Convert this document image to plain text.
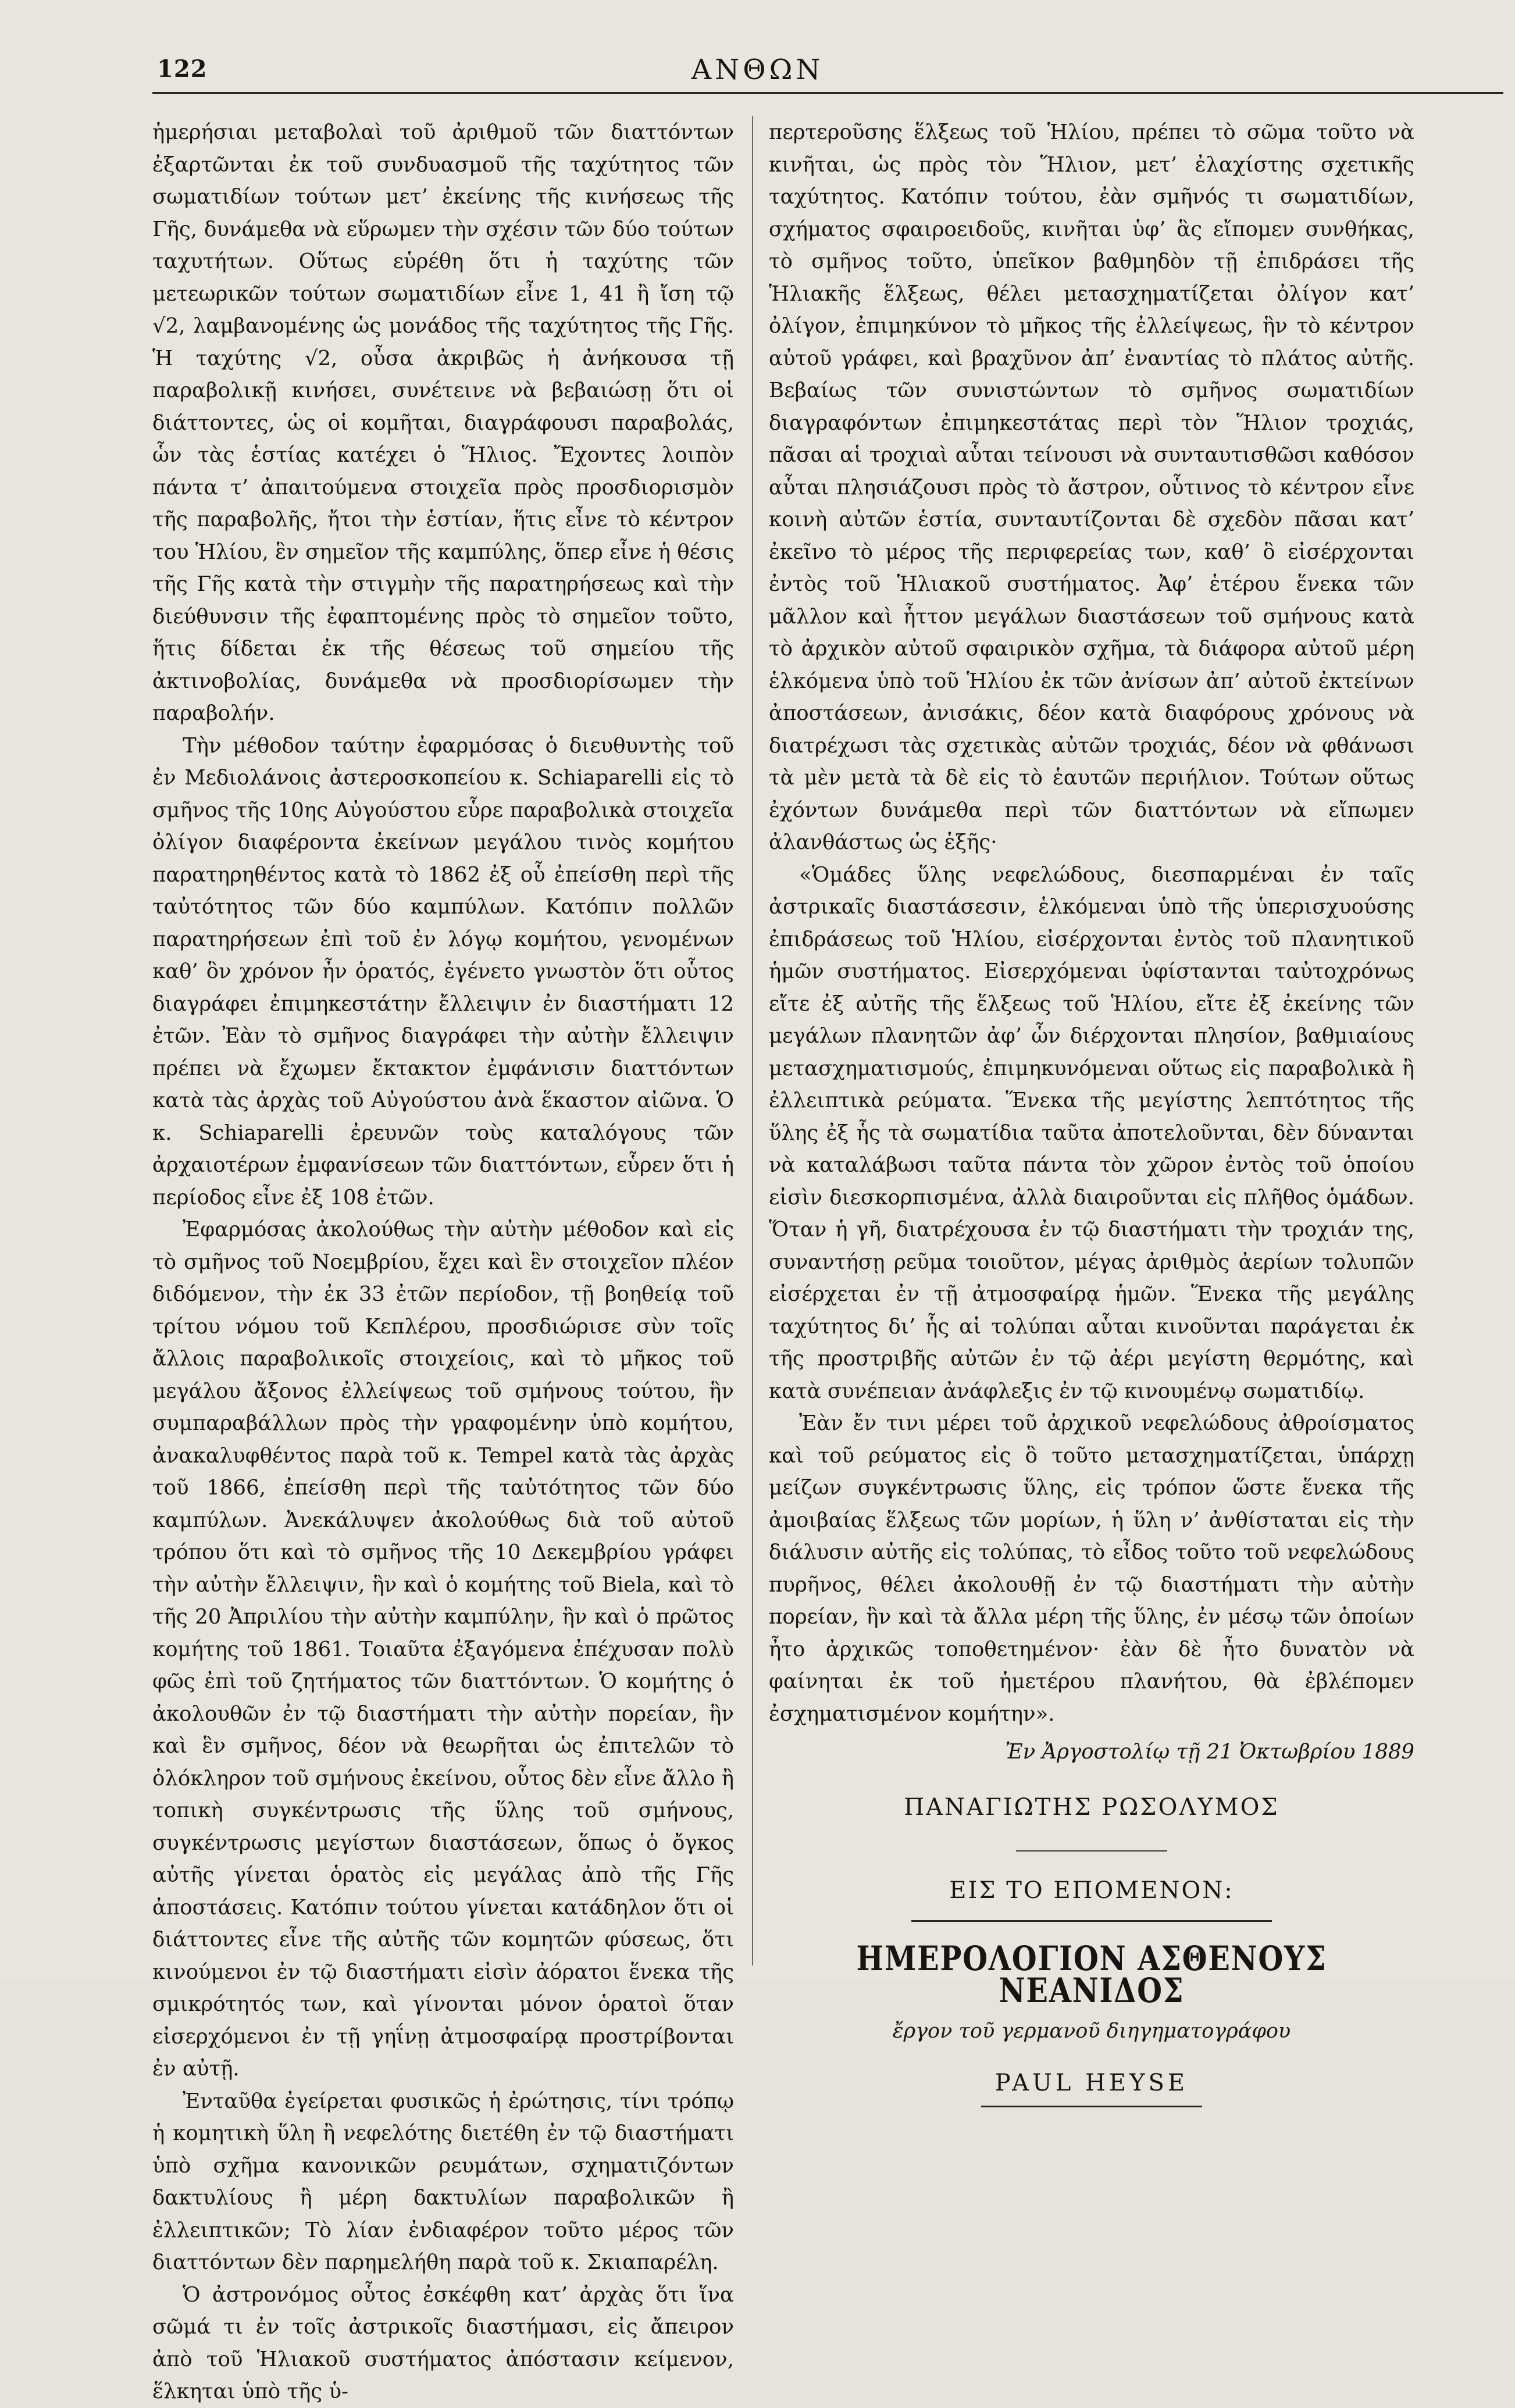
122	ΑΝΘΩΝ

ἡμερήσιαι μεταβολαὶ τοῦ ἀριθμοῦ τῶν διαττόντων ἐξαρτῶνται ἐκ τοῦ συνδυασμοῦ τῆς ταχύτητος τῶν σωματιδίων τούτων μετ’ ἐκείνης τῆς κινήσεως τῆς Γῆς, δυνάμεθα νὰ εὕρωμεν τὴν σχέσιν τῶν δύο τούτων ταχυτήτων. Οὕτως εὑρέθη ὅτι ἡ ταχύτης τῶν μετεωρικῶν τούτων σωματιδίων εἶνε 1, 41 ἢ ἴση τῷ √2, λαμβανομένης ὡς μονάδος τῆς ταχύτητος τῆς Γῆς. Ἡ ταχύτης √2, οὖσα ἀκριβῶς ἡ ἀνήκουσα τῇ παραβολικῇ κινήσει, συνέτεινε νὰ βεβαιώσῃ ὅτι οἱ διάττοντες, ὡς οἱ κομῆται, διαγράφουσι παραβολάς, ὧν τὰς ἑστίας κατέχει ὁ Ἥλιος. Ἔχοντες λοιπὸν πάντα τ’ ἀπαιτούμενα στοιχεῖα πρὸς προσδιορισμὸν τῆς παραβολῆς, ἤτοι τὴν ἑστίαν, ἥτις εἶνε τὸ κέντρον του Ἡλίου, ἓν σημεῖον τῆς καμπύλης, ὅπερ εἶνε ἡ θέσις τῆς Γῆς κατὰ τὴν στιγμὴν τῆς παρατηρήσεως καὶ τὴν διεύθυνσιν τῆς ἐφαπτομένης πρὸς τὸ σημεῖον τοῦτο, ἥτις δίδεται ἐκ τῆς θέσεως τοῦ σημείου τῆς ἀκτινοβολίας, δυνάμεθα νὰ προσδιορίσωμεν τὴν παραβολήν.

Τὴν μέθοδον ταύτην ἐφαρμόσας ὁ διευθυντὴς τοῦ ἐν Μεδιολάνοις ἀστεροσκοπείου κ. Schiaparelli εἰς τὸ σμῆνος τῆς 10ης Αὐγούστου εὗρε παραβολικὰ στοιχεῖα ὀλίγον διαφέροντα ἐκείνων μεγάλου τινὸς κομήτου παρατηρηθέντος κατὰ τὸ 1862 ἐξ οὗ ἐπείσθη περὶ τῆς ταὐτότητος τῶν δύο καμπύλων. Κατόπιν πολλῶν παρατηρήσεων ἐπὶ τοῦ ἐν λόγῳ κομήτου, γενομένων καθ’ ὃν χρόνον ἦν ὁρατός, ἐγένετο γνωστὸν ὅτι οὗτος διαγράφει ἐπιμηκεστάτην ἔλλειψιν ἐν διαστήματι 12 ἐτῶν. Ἐὰν τὸ σμῆνος διαγράφει τὴν αὐτὴν ἔλλειψιν πρέπει νὰ ἔχωμεν ἔκτακτον ἐμφάνισιν διαττόντων κατὰ τὰς ἀρχὰς τοῦ Αὐγούστου ἀνὰ ἕκαστον αἰῶνα. Ὁ κ. Schiaparelli ἐρευνῶν τοὺς καταλόγους τῶν ἀρχαιοτέρων ἐμφανίσεων τῶν διαττόντων, εὗρεν ὅτι ἡ περίοδος εἶνε ἐξ 108 ἐτῶν.

Ἐφαρμόσας ἀκολούθως τὴν αὐτὴν μέθοδον καὶ εἰς τὸ σμῆνος τοῦ Νοεμβρίου, ἔχει καὶ ἓν στοιχεῖον πλέον διδόμενον, τὴν ἐκ 33 ἐτῶν περίοδον, τῇ βοηθείᾳ τοῦ τρίτου νόμου τοῦ Κεπλέρου, προσδιώρισε σὺν τοῖς ἄλλοις παραβολικοῖς στοιχείοις, καὶ τὸ μῆκος τοῦ μεγάλου ἄξονος ἐλλείψεως τοῦ σμήνους τούτου, ἣν συμπαραβάλλων πρὸς τὴν γραφομένην ὑπὸ κομήτου, ἀνακαλυφθέντος παρὰ τοῦ κ. Tempel κατὰ τὰς ἀρχὰς τοῦ 1866, ἐπείσθη περὶ τῆς ταὐτότητος τῶν δύο καμπύλων. Ἀνεκάλυψεν ἀκολούθως διὰ τοῦ αὐτοῦ τρόπου ὅτι καὶ τὸ σμῆνος τῆς 10 Δεκεμβρίου γράφει τὴν αὐτὴν ἔλλειψιν, ἣν καὶ ὁ κομήτης τοῦ Biela, καὶ τὸ τῆς 20 Ἀπριλίου τὴν αὐτὴν καμπύλην, ἣν καὶ ὁ πρῶτος κομήτης τοῦ 1861. Τοιαῦτα ἐξαγόμενα ἐπέχυσαν πολὺ φῶς ἐπὶ τοῦ ζητήματος τῶν διαττόντων. Ὁ κομήτης ὁ ἀκολουθῶν ἐν τῷ διαστήματι τὴν αὐτὴν πορείαν, ἣν καὶ ἓν σμῆνος, δέον νὰ θεωρῆται ὡς ἐπιτελῶν τὸ ὁλόκληρον τοῦ σμήνους ἐκείνου, οὗτος δὲν εἶνε ἄλλο ἢ τοπικὴ συγκέντρωσις τῆς ὕλης τοῦ σμήνους, συγκέντρωσις μεγίστων διαστάσεων, ὅπως ὁ ὄγκος αὐτῆς γίνεται ὁρατὸς εἰς μεγάλας ἀπὸ τῆς Γῆς ἀποστάσεις. Κατόπιν τούτου γίνεται κατάδηλον ὅτι οἱ διάττοντες εἶνε τῆς αὐτῆς τῶν κομητῶν φύσεως, ὅτι κινούμενοι ἐν τῷ διαστήματι εἰσὶν ἀόρατοι ἕνεκα τῆς σμικρότητός των, καὶ γίνονται μόνον ὁρατοὶ ὅταν εἰσερχόμενοι ἐν τῇ γηΐνῃ ἀτμοσφαίρᾳ προστρίβονται ἐν αὐτῇ.

Ἐνταῦθα ἐγείρεται φυσικῶς ἡ ἐρώτησις, τίνι τρόπῳ ἡ κομητικὴ ὕλη ἢ νεφελότης διετέθη ἐν τῷ διαστήματι ὑπὸ σχῆμα κανονικῶν ρευμάτων, σχηματιζόντων δακτυλίους ἢ μέρη δακτυλίων παραβολικῶν ἢ ἐλλειπτικῶν; Τὸ λίαν ἐνδιαφέρον τοῦτο μέρος τῶν διαττόντων δὲν παρημελήθη παρὰ τοῦ κ. Σκιαπαρέλη.

Ὁ ἀστρονόμος οὗτος ἐσκέφθη κατ’ ἀρχὰς ὅτι ἵνα σῶμά τι ἐν τοῖς ἀστρικοῖς διαστήμασι, εἰς ἄπειρον ἀπὸ τοῦ Ἡλιακοῦ συστήματος ἀπόστασιν κείμενον, ἕλκηται ὑπὸ τῆς ὑ-

περτεροῦσης ἕλξεως τοῦ Ἡλίου, πρέπει τὸ σῶμα τοῦτο νὰ κινῆται, ὡς πρὸς τὸν Ἥλιον, μετ’ ἐλαχίστης σχετικῆς ταχύτητος. Κατόπιν τούτου, ἐὰν σμῆνός τι σωματιδίων, σχήματος σφαιροειδοῦς, κινῆται ὑφ’ ἃς εἴπομεν συνθήκας, τὸ σμῆνος τοῦτο, ὑπεῖκον βαθμηδὸν τῇ ἐπιδράσει τῆς Ἡλιακῆς ἕλξεως, θέλει μετασχηματίζεται ὀλίγον κατ’ ὀλίγον, ἐπιμηκύνον τὸ μῆκος τῆς ἐλλείψεως, ἣν τὸ κέντρον αὐτοῦ γράφει, καὶ βραχῦνον ἀπ’ ἐναντίας τὸ πλάτος αὐτῆς. Βεβαίως τῶν συνιστώντων τὸ σμῆνος σωματιδίων διαγραφόντων ἐπιμηκεστάτας περὶ τὸν Ἥλιον τροχιάς, πᾶσαι αἱ τροχιαὶ αὗται τείνουσι νὰ συνταυτισθῶσι καθόσον αὗται πλησιάζουσι πρὸς τὸ ἄστρον, οὗτινος τὸ κέντρον εἶνε κοινὴ αὐτῶν ἑστία, συνταυτίζονται δὲ σχεδὸν πᾶσαι κατ’ ἐκεῖνο τὸ μέρος τῆς περιφερείας των, καθ’ ὃ εἰσέρχονται ἐντὸς τοῦ Ἡλιακοῦ συστήματος. Ἀφ’ ἑτέρου ἕνεκα τῶν μᾶλλον καὶ ἧττον μεγάλων διαστάσεων τοῦ σμήνους κατὰ τὸ ἀρχικὸν αὐτοῦ σφαιρικὸν σχῆμα, τὰ διάφορα αὐτοῦ μέρη ἑλκόμενα ὑπὸ τοῦ Ἡλίου ἐκ τῶν ἀνίσων ἀπ’ αὐτοῦ ἐκτείνων ἀποστάσεων, ἀνισάκις, δέον κατὰ διαφόρους χρόνους νὰ διατρέχωσι τὰς σχετικὰς αὐτῶν τροχιάς, δέον νὰ φθάνωσι τὰ μὲν μετὰ τὰ δὲ εἰς τὸ ἑαυτῶν περιήλιον. Τούτων οὕτως ἐχόντων δυνάμεθα περὶ τῶν διαττόντων νὰ εἴπωμεν ἀλανθάστως ὡς ἑξῆς·

«Ὁμάδες ὕλης νεφελώδους, διεσπαρμέναι ἐν ταῖς ἀστρικαῖς διαστάσεσιν, ἑλκόμεναι ὑπὸ τῆς ὑπερισχυούσης ἐπιδράσεως τοῦ Ἡλίου, εἰσέρχονται ἐντὸς τοῦ πλανητικοῦ ἡμῶν συστήματος. Εἰσερχόμεναι ὑφίστανται ταὐτοχρόνως εἴτε ἐξ αὐτῆς τῆς ἕλξεως τοῦ Ἡλίου, εἴτε ἐξ ἐκείνης τῶν μεγάλων πλανητῶν ἀφ’ ὧν διέρχονται πλησίον, βαθμιαίους μετασχηματισμούς, ἐπιμηκυνόμεναι οὕτως εἰς παραβολικὰ ἢ ἐλλειπτικὰ ρεύματα. Ἕνεκα τῆς μεγίστης λεπτότητος τῆς ὕλης ἐξ ἧς τὰ σωματίδια ταῦτα ἀποτελοῦνται, δὲν δύνανται νὰ καταλάβωσι ταῦτα πάντα τὸν χῶρον ἐντὸς τοῦ ὁποίου εἰσὶν διεσκορπισμένα, ἀλλὰ διαιροῦνται εἰς πλῆθος ὁμάδων. Ὅταν ἡ γῆ, διατρέχουσα ἐν τῷ διαστήματι τὴν τροχιάν της, συναντήσῃ ρεῦμα τοιοῦτον, μέγας ἀριθμὸς ἀερίων τολυπῶν εἰσέρχεται ἐν τῇ ἀτμοσφαίρᾳ ἡμῶν. Ἕνεκα τῆς μεγάλης ταχύτητος δι’ ἧς αἱ τολύπαι αὗται κινοῦνται παράγεται ἐκ τῆς προστριβῆς αὐτῶν ἐν τῷ ἀέρι μεγίστη θερμότης, καὶ κατὰ συνέπειαν ἀνάφλεξις ἐν τῷ κινουμένῳ σωματιδίῳ.

Ἐὰν ἔν τινι μέρει τοῦ ἀρχικοῦ νεφελώδους ἀθροίσματος καὶ τοῦ ρεύματος εἰς ὃ τοῦτο μετασχηματίζεται, ὑπάρχῃ μείζων συγκέντρωσις ὕλης, εἰς τρόπον ὥστε ἕνεκα τῆς ἀμοιβαίας ἕλξεως τῶν μορίων, ἡ ὕλη ν’ ἀνθίσταται εἰς τὴν διάλυσιν αὐτῆς εἰς τολύπας, τὸ εἶδος τοῦτο τοῦ νεφελώδους πυρῆνος, θέλει ἀκολουθῇ ἐν τῷ διαστήματι τὴν αὐτὴν πορείαν, ἣν καὶ τὰ ἄλλα μέρη τῆς ὕλης, ἐν μέσῳ τῶν ὁποίων ἦτο ἀρχικῶς τοποθετημένον· ἐὰν δὲ ἦτο δυνατὸν νὰ φαίνηται ἐκ τοῦ ἡμετέρου πλανήτου, θὰ ἐβλέπομεν ἐσχηματισμένον κομήτην».

Ἐν Ἀργοστολίῳ τῇ 21 Ὀκτωβρίου 1889
ΠΑΝΑΓΙΩΤΗΣ ΡΩΣΟΛΥΜΟΣ
ΕΙΣ ΤΟ ΕΠΟΜΕΝΟΝ:
ΗΜΕΡΟΛΟΓΙΟΝ ΑΣΘΕΝΟΥΣ ΝΕΑΝΙΔΟΣ
ἔργον τοῦ γερμανοῦ διηγηματογράφου
PAUL HEYSE
